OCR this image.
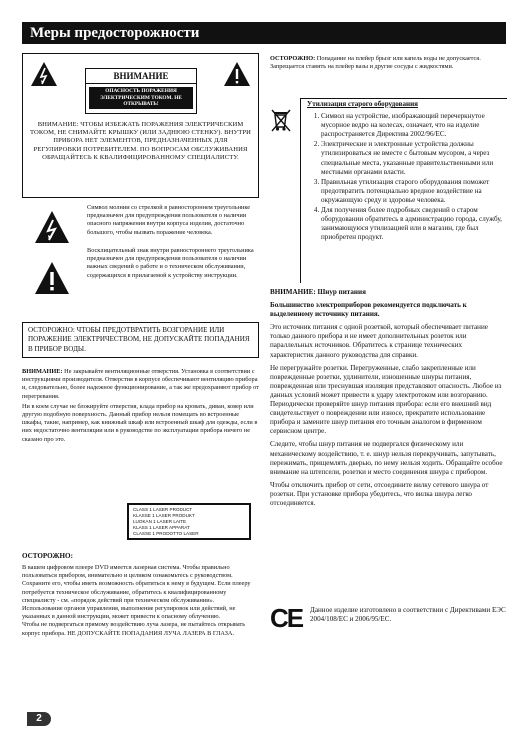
Меры предосторожности
ВНИМАНИЕ
ОПАСНОСТЬ ПОРАЖЕНИЯ ЭЛЕКТРИЧЕСКИМ ТОКОМ. НЕ ОТКРЫВАТЬ!
ВНИМАНИЕ: ЧТОБЫ ИЗБЕЖАТЬ ПОРАЖЕНИЯ ЭЛЕКТРИЧЕСКИМ ТОКОМ, НЕ СНИМАЙТЕ КРЫШКУ (ИЛИ ЗАДНЮЮ СТЕНКУ). ВНУТРИ ПРИБОРА НЕТ ЭЛЕМЕНТОВ, ПРЕДНАЗНАЧЕННЫХ ДЛЯ РЕГУЛИРОВКИ ПОТРЕБИТЕЛЕМ. ПО ВОПРОСАМ ОБСЛУЖИВАНИЯ ОБРАЩАЙТЕСЬ К КВАЛИФИЦИРОВАННОМУ СПЕЦИАЛИСТУ.

Символ молнии со стрелкой в равностороннем треугольнике предназначен для предупреждения пользователя о наличии опасного напряжения внутри корпуса изделия, достаточно большого, чтобы вызвать поражение человека.

Восклицательный знак внутри равностороннего треугольника предназначен для предупреждения пользователя о наличии важных сведений о работе и о техническом обслуживании, содержащихся в прилагаемой к устройству инструкции.

ОСТОРОЖНО: ЧТОБЫ ПРЕДОТВРАТИТЬ ВОЗГОРАНИЕ ИЛИ ПОРАЖЕНИЕ ЭЛЕКТРИЧЕСТВОМ, НЕ ДОПУСКАЙТЕ ПОПАДАНИЯ В ПРИБОР ВОДЫ.

ВНИМАНИЕ: Не закрывайте вентиляционные отверстия. Установка в соответствии с инструкциями производителя. Отверстия в корпусе обеспечивают вентиляцию прибора и, следовательно, более надежное функционирование, а так же предохраняют прибор от перегревания.

Ни в коем случае не блокируйте отверстия, клада прибор на кровать, диван, ковер или другую подобную поверхность. Данный прибор нельзя помещать во встроенные шкафы, такие, например, как книжный шкаф или встроенный шкаф для одежды, если в них недостаточно вентиляции или в руководстве по эксплуатации прибора ничего не сказано про это.

CLASS 1 LASER PRODUCT
KLASSE 1 LASER PRODUKT
LUOKAN 1 LASER LAITE
KLASS 1 LASER APPARAT
CLASSE 1 PRODOTTO LASER
ОСТОРОЖНО:

В вашем цифровом плеере DVD имеется лазерная система. Чтобы правильно пользоваться прибором, внимательно и целиком ознакомьтесь с руководством. Сохраните его, чтобы иметь возможность обратиться к нему в будущем. Если плееру потребуется техническое обслуживание, обратитесь к квалифицированному специалисту - см. «порядок действий при техническом обслуживании».

Использование органов управления, выполнение регулировок или действий, не указанных в данной инструкции, может привести к опасному облучению.

Чтобы не подвергаться прямому воздействию луча лазера, не пытайтесь открывать корпус прибора. НЕ ДОПУСКАЙТЕ ПОПАДАНИЯ ЛУЧА ЛАЗЕРА В ГЛАЗА.

2
ОСТОРОЖНО: Попадание на плейер брызг или капель воды не допускается. Запрещается ставить на плейер вазы и другие сосуды с жидкостями.
Утилизация старого оборудования
1. Символ на устройстве, изображающий перечеркнутое мусорное ведро на колесах, означает, что на изделие распространяется Директива 2002/96/EC.
2. Электрические и электронные устройства должны утилизироваться не вместе с бытовым мусором, а через специальные места, указанные правительственными или местными органами власти.
3. Правильная утилизация старого оборудования поможет предотвратить потенциально вредное воздействие на окружающую среду и здоровье человека.
4. Для получения более подробных сведений о старом оборудовании обратитесь в администрацию города, службу, занимающуюся утилизацией или в магазин, где был приобретен продукт.

ВНИМАНИЕ: Шнур питания

Большинство электроприборов рекомендуется подключать к выделенному источнику питания.

Это источник питания с одной розеткой, который обеспечивает питание только данного прибора и не имеет дополнительных розеток или параллельных источников. Обратитесь к странице технических характеристик данного руководства для справки.

Не перегружайте розетки. Перегруженные, слабо закрепленные или поврежденные розетки, удлинители, изношенные шнуры питания, поврежденная или треснувшая изоляция представляют опасность. Любое из данных условий может привести к удару электротоком или возгоранию. Периодически проверяйте шнур питания прибора: если его внешний вид свидетельствует о повреждении или износе, прекратите использование прибора и замените шнур питания его точным аналогом в фирменном сервисном центре.

Следите, чтобы шнур питания не подвергался физическому или механическому воздействию, т. е. шнур нельзя перекручивать, запутывать, пережимать, прищемлять дверью, по нему нельзя ходить. Обращайте особое внимание на штепсели, розетки и место соединения шнура с прибором.

Чтобы отключить прибор от сети, отсоедините вилку сетевого шнура от розетки. При установке прибора убедитесь, что вилка шнура легко отсоединяется.

CE Данное изделие изготовлено в соответствии с Директивами ЕЭС 2004/108/EC и 2006/95/EC.
